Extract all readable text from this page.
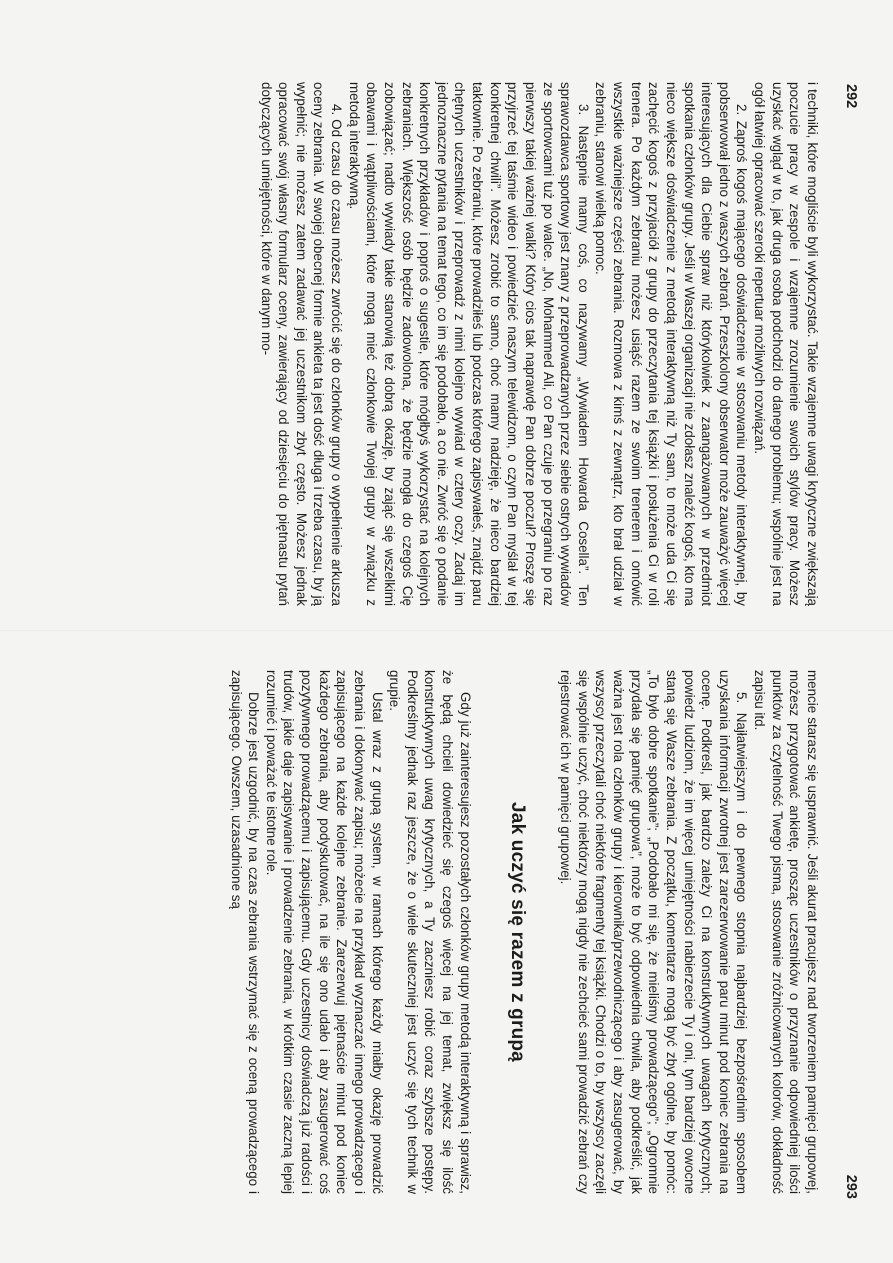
i techniki, które mogliście byli wykorzystać. Takie wzajemne uwagi krytyczne zwiększają poczucie pracy w zespole i wzajemne zrozumienie swoich stylów pracy. Możesz uzyskać wgląd w to, jak druga osoba podchodzi do danego problemu; wspólnie jest na ogół łatwiej opracować szeroki repertuar możliwych rozwiązań.

2. Zaproś kogoś mającego doświadczenie w stosowaniu metody interaktywnej, by pobserwował jedno z waszych zebrań. Przeszkolony obserwator może zauważyć więcej interesujących dla Ciebie spraw niż którykolwiek z zaangażowanych w przedmiot spotkania członków grupy. Jeśli w Waszej organizacji nie zdołasz znaleźć kogoś, kto ma nieco większe doświadczenie z metodą interaktywną niż Ty sam, to może uda Ci się zachęcić kogoś z przyjaciół z grupy do przeczytania tej książki i posłużenia Ci w roli trenera. Po każdym zebraniu możesz usiąść razem ze swoim trenerem i omówić wszystkie ważniejsze części zebrania. Rozmowa z kimś z zewnątrz, kto brał udział w zebraniu, stanowi wielką pomoc.

3. Następnie mamy coś, co nazywamy „Wywiadem Howarda Cosella”. Ten sprawozdawca sportowy jest znany z przeprowadzanych przez siebie ostrych wywiadów ze sportowcami tuż po walce. „No, Mohammed Ali, co Pan czuje po przegraniu po raz pierwszy takiej ważnej walki? Który cios tak naprawdę Pan dobrze poczuł? Proszę się przyjrzeć tej taśmie wideo i powiedzieć naszym telewidzom, o czym Pan myślał w tej konkretnej chwili”. Możesz zrobić to samo, choć mamy nadzieję, że nieco bardziej taktownie. Po zebraniu, które prowadziłeś lub podczas którego zapisywałeś, znajdź paru chętnych uczestników i przeprowadź z nimi kolejno wywiad w cztery oczy. Zadaj im jednoznaczne pytania na temat tego, co im się podobało, a co nie. Zwróć się o podanie konkretnych przykładów i poproś o sugestie, które mógłbyś wykorzystać na kolejnych zebraniach. Większość osób będzie zadowolona, że będzie mogła do czegoś Cię zobowiązać; nadto wywiady takie stanowią też dobrą okazję, by zająć się wszelkimi obawami i wątpliwościami, które mogą mieć członkowie Twojej grupy w związku z metodą interaktywną.

4. Od czasu do czasu możesz zwrócić się do członków grupy o wypełnienie arkusza oceny zebrania. W swojej obecnej formie ankieta ta jest dość długa i trzeba czasu, by ją wypełnić; nie możesz zatem zadawać jej uczestnikom zbyt często. Możesz jednak opracować swój własny formularz oceny, zawierający od dziesięciu do piętnastu pytań dotyczących umiejętności, które w danym mo-	292

mencie starasz się usprawnić. Jeśli akurat pracujesz nad tworzeniem pamięci grupowej, możesz przygotować ankietę, prosząc uczestników o przyznanie odpowiedniej ilości punktów za czytelność Twego pisma, stosowanie zróżnicowanych kolorów, dokładność zapisu itd.

5. Najłatwiejszym i do pewnego stopnia najbardziej bezpośrednim sposobem uzyskania informacji zwrotnej jest zarezerwowanie paru minut pod koniec zebrania na ocenę. Podkreśl, jak bardzo zależy Ci na konstruktywnych uwagach krytycznych; powiedz ludziom, że im więcej umiejętności nabierzecie Ty i oni, tym bardziej owocne staną się Wasze zebrania. Z początku, komentarze mogą być zbyt ogólne, by pomóc: „To było dobre spotkanie”; „Podobało mi się, że mieliśmy prowadzącego”; „Ogromnie przydała się pamięć grupowa”, może to być odpowiednia chwila, aby podkreślić, jak ważna jest rola członków grupy i kierownika/przewodniczącego i aby zasugerować, by wszyscy przeczytali choć niektóre fragmenty tej książki. Chodzi o to, by wszyscy zaczęli się wspólnie uczyć, choć niektórzy mogą nigdy nie zechcieć sami prowadzić zebrań czy rejestrować ich w pamięci grupowej.

Jak uczyć się razem z grupą

Gdy już zainteresujesz pozostałych członków grupy metodą interaktywną i sprawisz, że będą chcieli dowiedzieć się czegoś więcej na jej temat, zwiększ się ilość konstruktywnych uwag krytycznych, a Ty zaczniesz robić coraz szybsze postępy. Podkreślmy jednak raz jeszcze, że o wiele skuteczniej jest uczyć się tych technik w grupie.

Ustal wraz z grupą system, w ramach którego każdy miałby okazję prowadzić zebrania i dokonywać zapisu; możecie na przykład wyznaczać innego prowadzącego i zapisującego na każde kolejne zebranie. Zarezerwuj piętnaście minut pod koniec każdego zebrania, aby podyskutować, na ile się ono udało i aby zasugerować coś pozytywnego prowadzącemu i zapisującemu. Gdy uczestnicy doświadczą już radości i trudów, jakie daje zapisywanie i prowadzenie zebrania, w krótkim czasie zaczną lepiej rozumieć i poważać te istotne role.

Dobrze jest uzgodnić, by na czas zebrania wstrzymać się z oceną prowadzącego i zapisującego. Owszem, uzasadnione są

293
